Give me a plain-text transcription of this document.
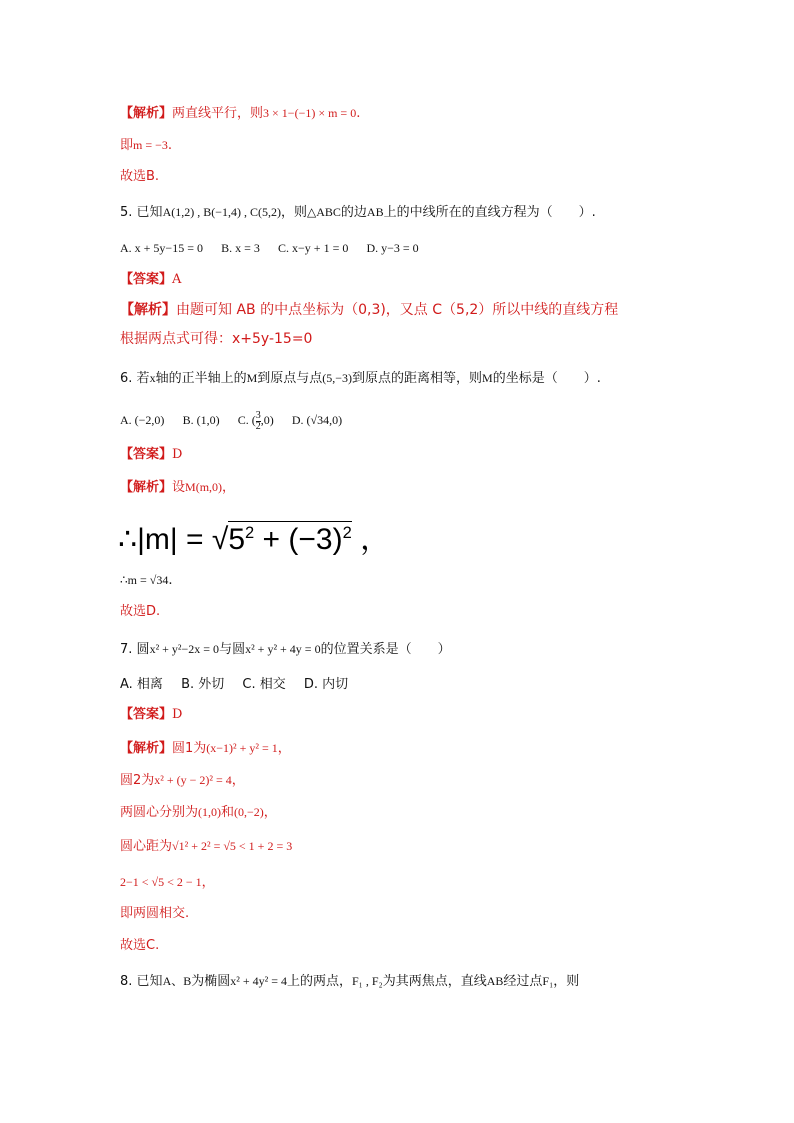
【解析】两直线平行，则3 × 1−(−1) × m = 0.
即m = −3.
故选B.
5. 已知A(1,2) , B(−1,4) , C(5,2)，则△ABC的边AB上的中线所在的直线方程为（　　）.
A. x + 5y−15 = 0 B. x = 3 C. x−y + 1 = 0 D. y−3 = 0
【答案】A
【解析】由题可知 AB 的中点坐标为（0,3)，又点 C（5,2）所以中线的直线方程
根据两点式可得：x+5y-15=0
6. 若x轴的正半轴上的M到原点与点(5,−3)到原点的距离相等，则M的坐标是（　　）.
A. (−2,0) B. (1,0) C. ( $\frac{3}{2} ,0$) D. (√34,0)
【答案】D
【解析】设M(m,0)，
∴|m| = $√5^2 + (-3)^2$ ，
∴m = √34.
故选D.
7. 圆x² + y²−2x = 0与圆x² + y² + 4y = 0的位置关系是（　　）
A. 相离 B. 外切 C. 相交 D. 内切
【答案】D
【解析】圆1为(x−1)² + y² = 1，
圆2为x² + (y − 2)² = 4，
两圆心分别为(1,0)和(0,−2)，
圆心距为√1² + 2² = √5 < 1 + 2 = 3
2−1 < √5 < 2 − 1，
即两圆相交.
故选C.
8. 已知A、B为椭圆x² + 4y² = 4上的两点，F₁ , F₂为其两焦点，直线AB经过点F₁，则
